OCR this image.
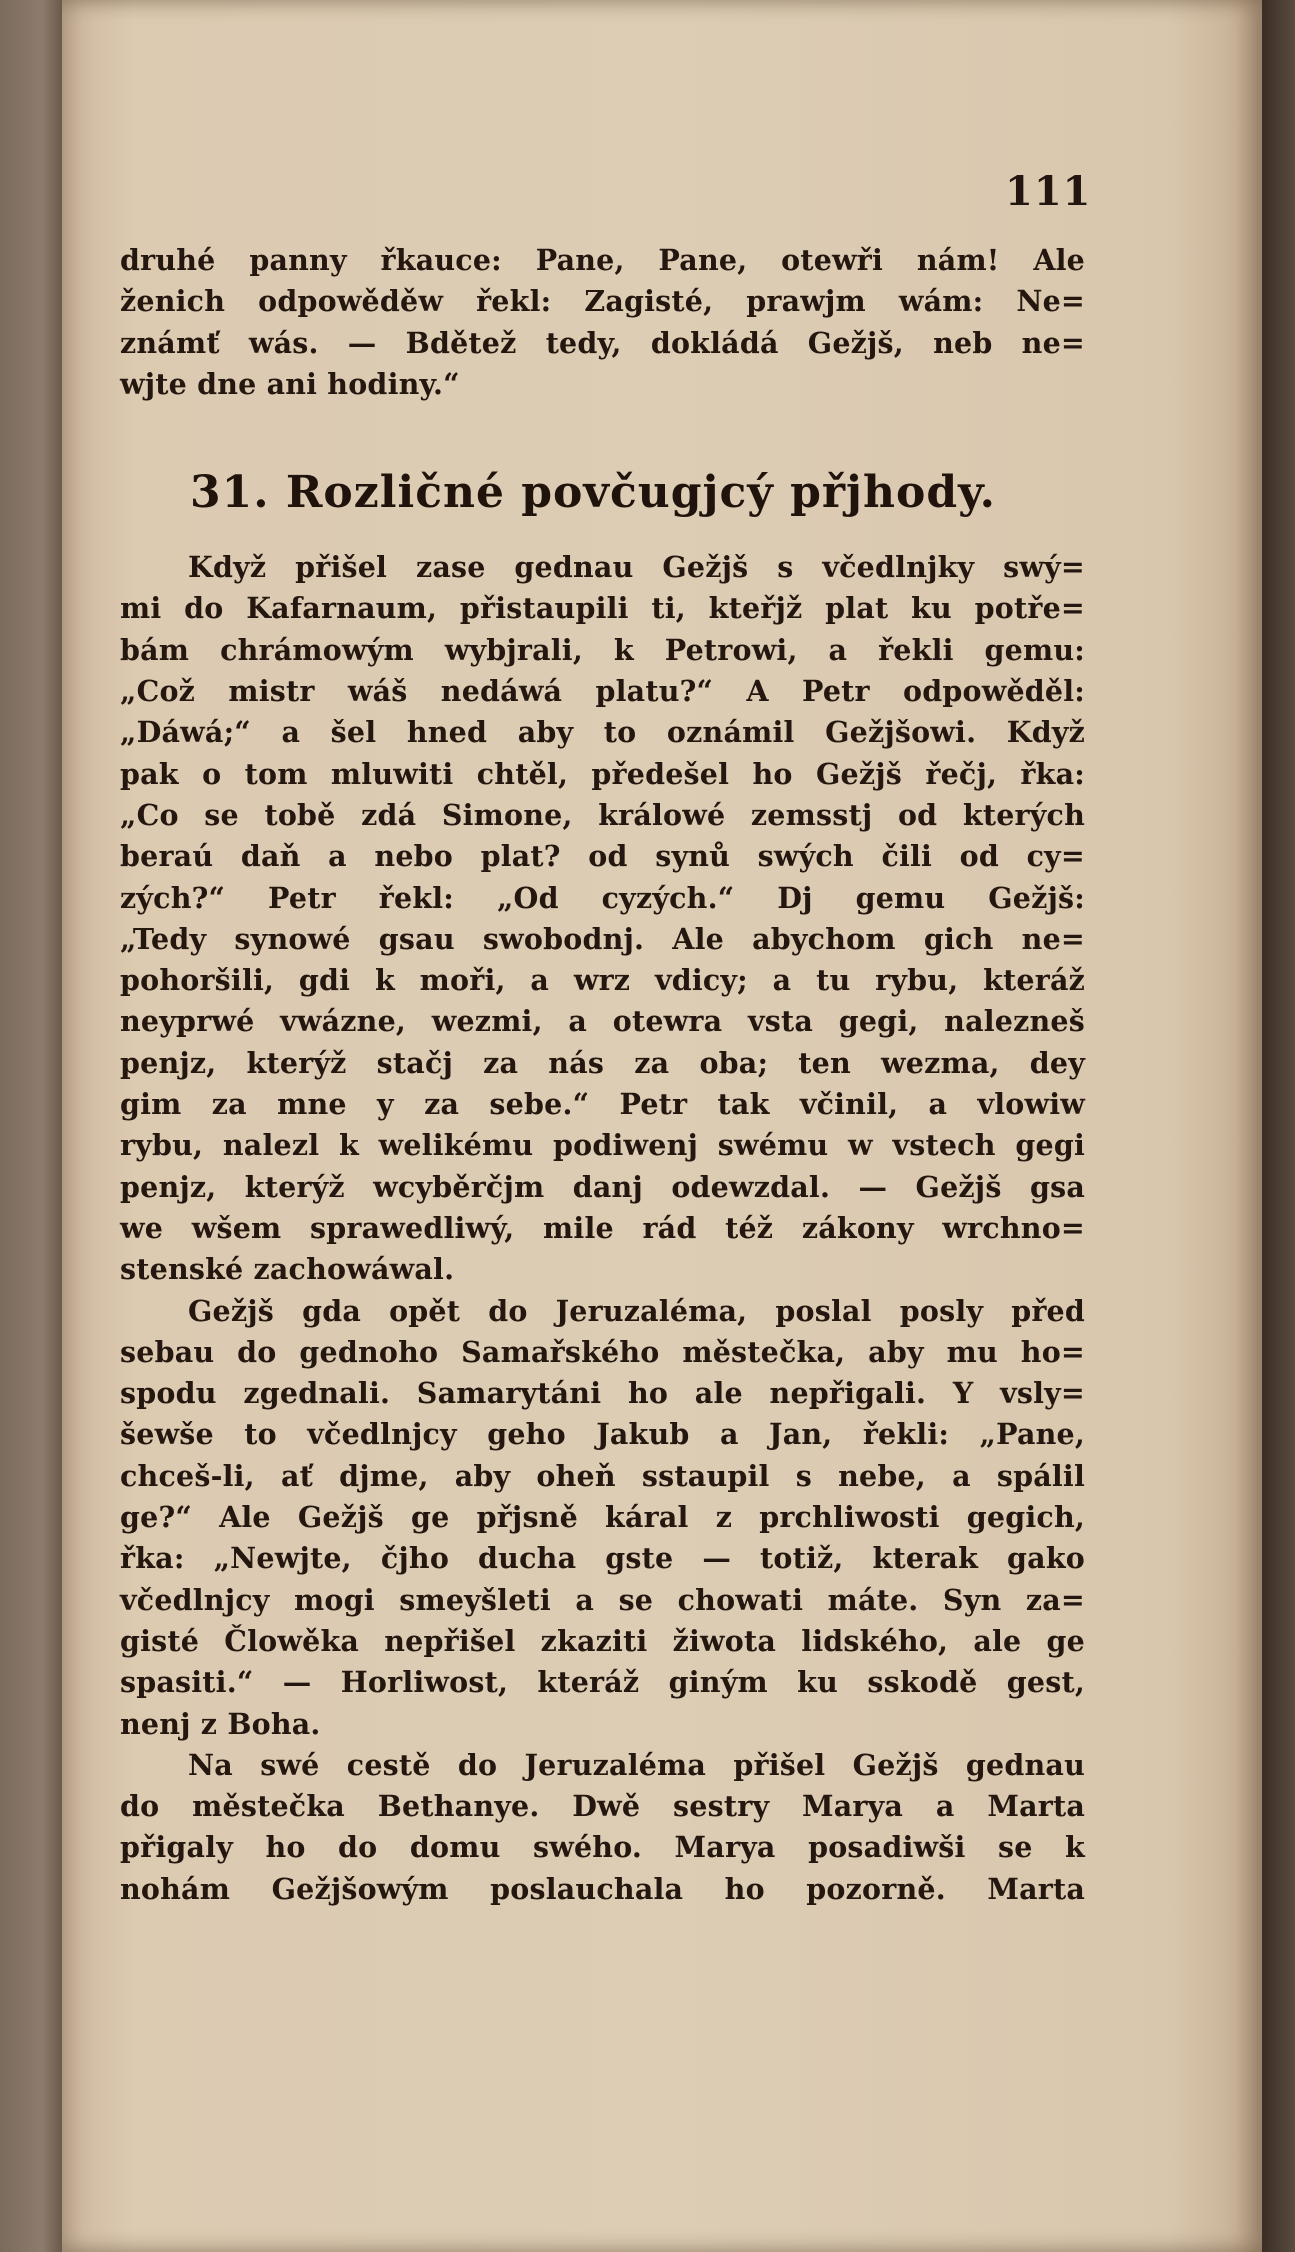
111
druhé panny řkauce: Pane, Pane, otewři nám! Ale
ženich odpowěděw řekl: Zagisté, prawjm wám: Ne=
známť wás. — Bdětež tedy, dokládá Gežjš, neb ne=
wjte dne ani hodiny.“
31. Rozličné povčugjcý přjhody.
Když přišel zase gednau Gežjš s včedlnjky swý=
mi do Kafarnaum, přistaupili ti, kteřjž plat ku potře=
bám chrámowým wybjrali, k Petrowi, a řekli gemu:
„Což mistr wáš nedáwá platu?“ A Petr odpowěděl:
„Dáwá;“ a šel hned aby to oznámil Gežjšowi. Když
pak o tom mluwiti chtěl, předešel ho Gežjš řečj, řka:
„Co se tobě zdá Simone, králowé zemsstj od kterých
beraú daň a nebo plat? od synů swých čili od cy=
zých?“ Petr řekl: „Od cyzých.“ Dj gemu Gežjš:
„Tedy synowé gsau swobodnj. Ale abychom gich ne=
pohoršili, gdi k moři, a wrz vdicy; a tu rybu, kteráž
neyprwé vwázne, wezmi, a otewra vsta gegi, nalezneš
penjz, kterýž stačj za nás za oba; ten wezma, dey
gim za mne y za sebe.“ Petr tak včinil, a vlowiw
rybu, nalezl k welikému podiwenj swému w vstech gegi
penjz, kterýž wcyběrčjm danj odewzdal. — Gežjš gsa
we wšem sprawedliwý, mile rád též zákony wrchno=
stenské zachowáwal.
Gežjš gda opět do Jeruzaléma, poslal posly před
sebau do gednoho Samařského městečka, aby mu ho=
spodu zgednali. Samarytáni ho ale nepřigali. Y vsly=
šewše to včedlnjcy geho Jakub a Jan, řekli: „Pane,
chceš-li, ať djme, aby oheň sstaupil s nebe, a spálil
ge?“ Ale Gežjš ge přjsně káral z prchliwosti gegich,
řka: „Newjte, čjho ducha gste — totiž, kterak gako
včedlnjcy mogi smeyšleti a se chowati máte. Syn za=
gisté Člowěka nepřišel zkaziti žiwota lidského, ale ge
spasiti.“ — Horliwost, kteráž giným ku sskodě gest,
nenj z Boha.
Na swé cestě do Jeruzaléma přišel Gežjš gednau
do městečka Bethanye. Dwě sestry Marya a Marta
přigaly ho do domu swého. Marya posadiwši se k
nohám Gežjšowým poslauchala ho pozorně. Marta
